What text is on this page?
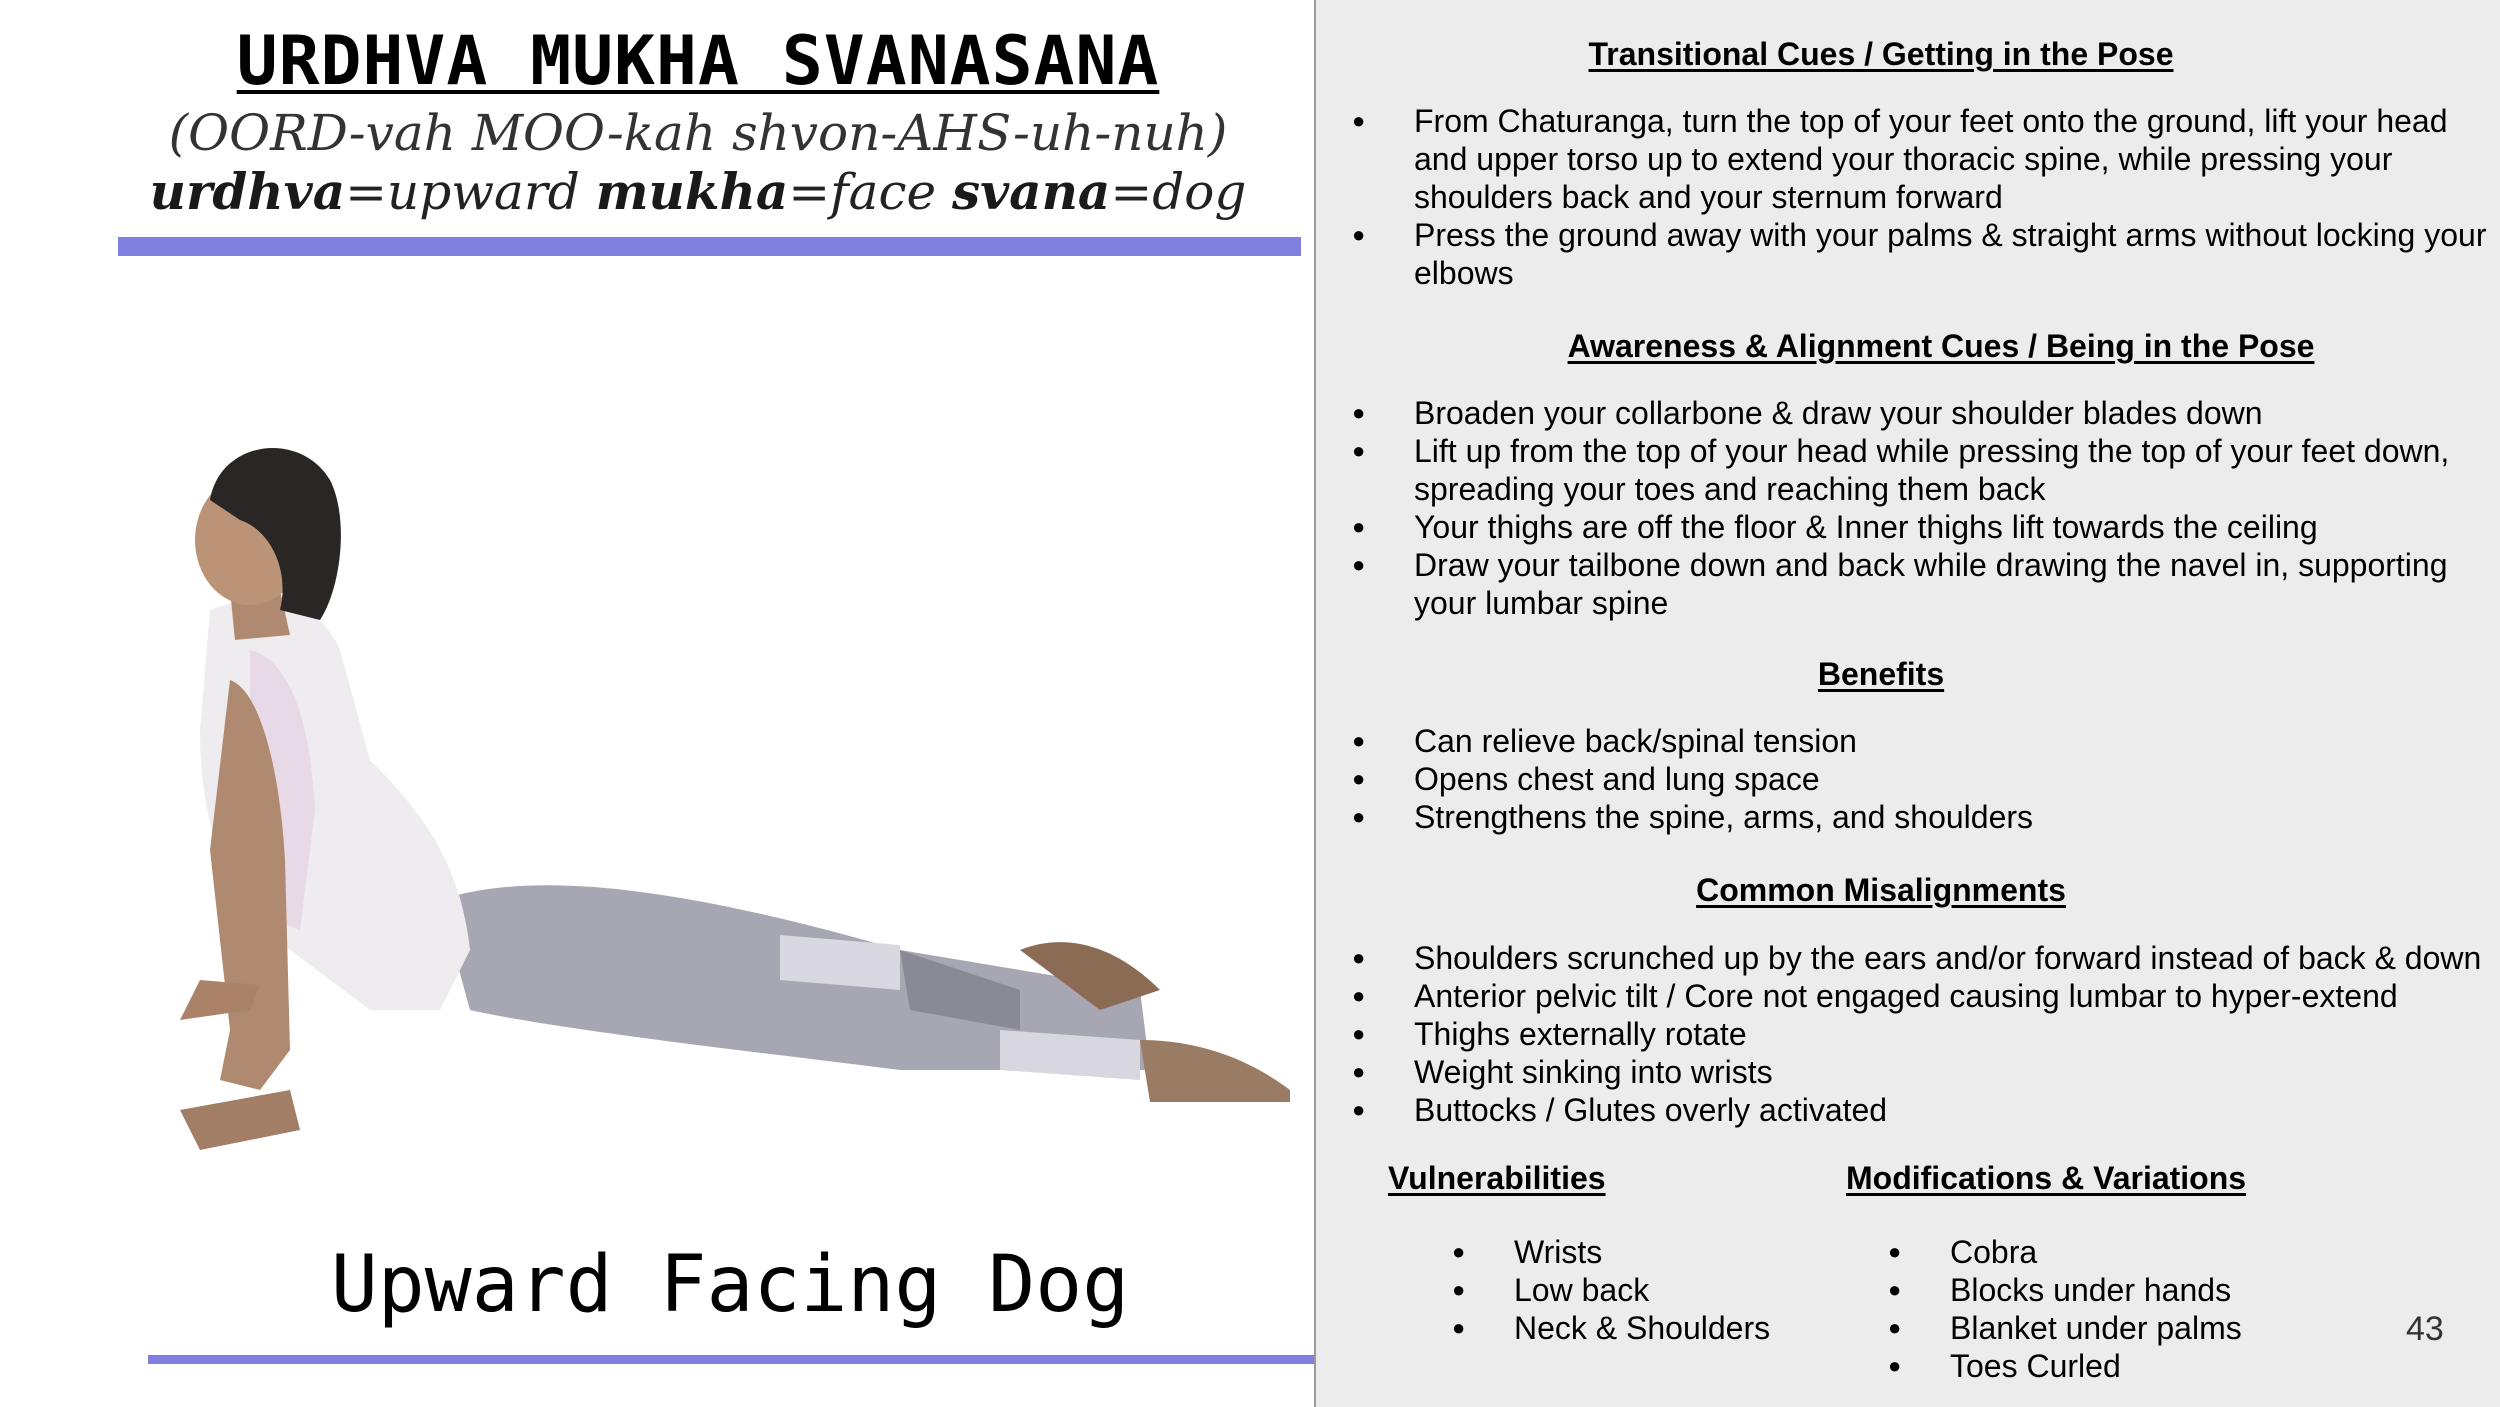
URDHVA MUKHA SVANASANA
(OORD-vah MOO-kah shvon-AHS-uh-nuh)
urdhva=upward mukha=face svana=dog
Upward Facing Dog
Transitional Cues / Getting in the Pose
● From Chaturanga, turn the top of your feet onto the ground, lift your head and upper torso up to extend your thoracic spine, while pressing your shoulders back and your sternum forward
● Press the ground away with your palms & straight arms without locking your elbows
Awareness & Alignment Cues / Being in the Pose
● Broaden your collarbone & draw your shoulder blades down
● Lift up from the top of your head while pressing the top of your feet down, spreading your toes and reaching them back
● Your thighs are off the floor & Inner thighs lift towards the ceiling
● Draw your tailbone down and back while drawing the navel in, supporting your lumbar spine
Benefits
● Can relieve back/spinal tension
● Opens chest and lung space
● Strengthens the spine, arms, and shoulders
Common Misalignments
● Shoulders scrunched up by the ears and/or forward instead of back & down
● Anterior pelvic tilt / Core not engaged causing lumbar to hyper-extend
● Thighs externally rotate
● Weight sinking into wrists
● Buttocks / Glutes overly activated
Vulnerabilities
● Wrists
● Low back
● Neck & Shoulders
Modifications & Variations
● Cobra
● Blocks under hands
● Blanket under palms
● Toes Curled
43
